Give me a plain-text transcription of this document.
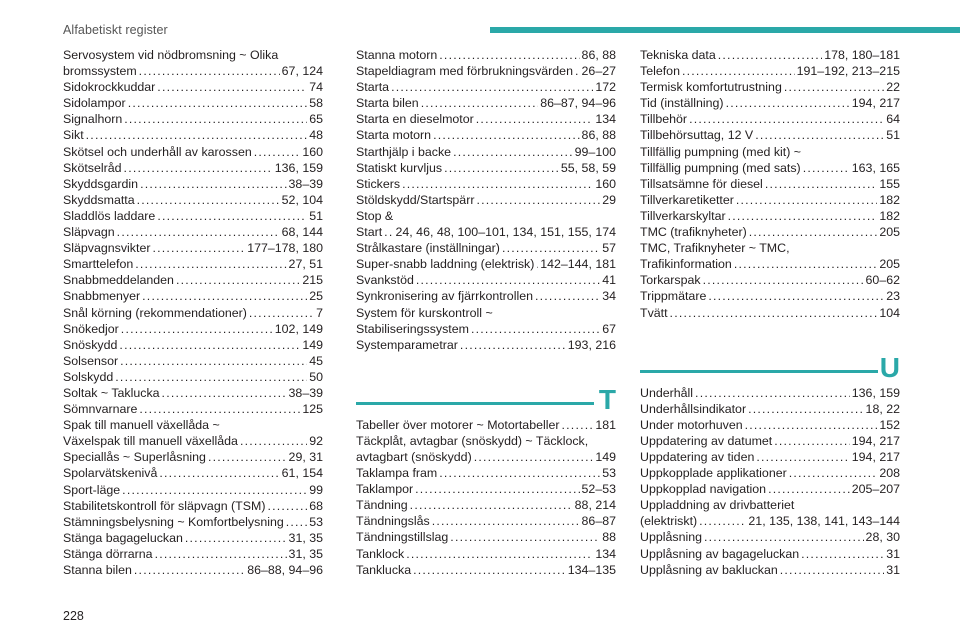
Alfabetiskt register
Servosystem vid nödbromsning ~ Olika
bromssystem .....	67, 124
Sidokrockkuddar .....	74
Sidolampor .....	58
Signalhorn .....	65
Sikt .....	48
Skötsel och underhåll av karossen .....	160
Skötselråd .....	136, 159
Skyddsgardin .....	38–39
Skyddsmatta .....	52, 104
Sladdlös laddare .....	51
Släpvagn .....	68, 144
Släpvagnsvikter .....	177–178, 180
Smarttelefon .....	27, 51
Snabbmeddelanden .....	215
Snabbmenyer .....	25
Snål körning (rekommendationer) .....	7
Snökedjor .....	102, 149
Snöskydd .....	149
Solsensor .....	45
Solskydd .....	50
Soltak ~ Taklucka .....	38–39
Sömnvarnare .....	125
Spak till manuell växellåda ~
Växelspak till manuell växellåda .....	92
Speciallås ~ Superlåsning .....	29, 31
Spolarvätskenivå .....	61, 154
Sport-läge .....	99
Stabilitetskontroll för släpvagn (TSM) .....	68
Stämningsbelysning ~ Komfortbelysning ..... 53
Stänga bagageluckan .....	31, 35
Stänga dörrarna .....	31, 35
Stanna bilen .....	86–88, 94–96
Stanna motorn .....	86, 88
Stapeldiagram med förbrukningsvärden ..... 26–27
Starta .....	172
Starta bilen .....	86–87, 94–96
Starta en dieselmotor .....	134
Starta motorn .....	86, 88
Starthjälp i backe .....	99–100
Statiskt kurvljus .....	55, 58, 59
Stickers .....	160
Stöldskydd/Startspärr .....	29
Stop &
Start ..... 24, 46, 48, 100–101, 134, 151, 155, 174
Strålkastare (inställningar) .....	57
Super-snabb laddning (elektrisk) ..... 142–144, 181
Svankstöd .....	41
Synkronisering av fjärrkontrollen .....	34
System för kurskontroll ~
Stabiliseringssystem .....	67
Systemparametrar .....	193, 216
T
Tabeller över motorer ~ Motortabeller .....	181
Täckplåt, avtagbar (snöskydd) ~ Täcklock,
avtagbart (snöskydd) .....	149
Taklampa fram .....	53
Taklampor .....	52–53
Tändning .....	88, 214
Tändningslås .....	86–87
Tändningstillslag .....	88
Tanklock .....	134
Tanklucka .....	134–135
Tekniska data .....	178, 180–181
Telefon .....	191–192, 213–215
Termisk komfortutrustning .....	22
Tid (inställning) .....	194, 217
Tillbehör .....	64
Tillbehörsuttag, 12 V .....	51
Tillfällig pumpning (med kit) ~
Tillfällig pumpning (med sats) .....	163, 165
Tillsatsämne för diesel .....	155
Tillverkaretiketter .....	182
Tillverkarskyltar .....	182
TMC (trafiknyheter) .....	205
TMC, Trafiknyheter ~ TMC,
Trafikinformation .....	205
Torkarspak .....	60–62
Trippmätare .....	23
Tvätt .....	104
U
Underhåll .....	136, 159
Underhållsindikator .....	18, 22
Under motorhuven .....	152
Uppdatering av datumet .....	194, 217
Uppdatering av tiden .....	194, 217
Uppkopplade applikationer .....	208
Uppkopplad navigation .....	205–207
Uppladdning av drivbatteriet
(elektriskt) .....	21, 135, 138, 141, 143–144
Upplåsning .....	28, 30
Upplåsning av bagageluckan .....	31
Upplåsning av bakluckan .....	31
228
